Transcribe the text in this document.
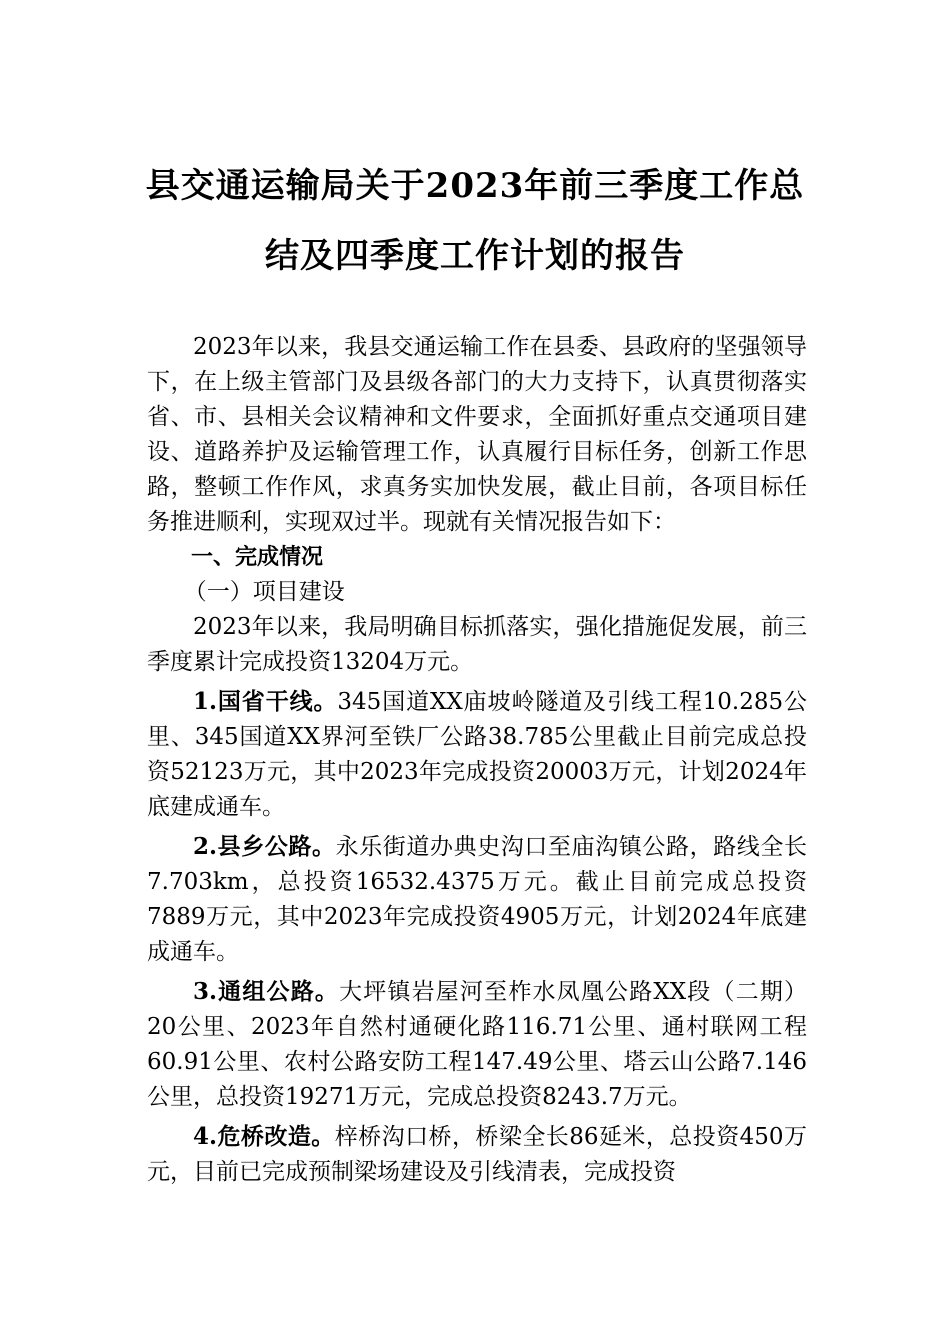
县交通运输局关于2023年前三季度工作总
结及四季度工作计划的报告

2023年以来，我县交通运输工作在县委、县政府的坚强领导下，在上级主管部门及县级各部门的大力支持下，认真贯彻落实省、市、县相关会议精神和文件要求，全面抓好重点交通项目建设、道路养护及运输管理工作，认真履行目标任务，创新工作思路，整顿工作作风，求真务实加快发展，截止目前，各项目标任务推进顺利，实现双过半。现就有关情况报告如下：

一、完成情况

（一）项目建设

2023年以来，我局明确目标抓落实，强化措施促发展，前三季度累计完成投资13204万元。

1.国省干线。345国道XX庙坡岭隧道及引线工程10.285公里、345国道XX界河至铁厂公路38.785公里截止目前完成总投资52123万元，其中2023年完成投资20003万元，计划2024年底建成通车。

2.县乡公路。永乐街道办典史沟口至庙沟镇公路，路线全长7.703km，总投资16532.4375万元。截止目前完成总投资7889万元，其中2023年完成投资4905万元，计划2024年底建成通车。

3.通组公路。大坪镇岩屋河至柞水凤凰公路XX段（二期）20公里、2023年自然村通硬化路116.71公里、通村联网工程60.91公里、农村公路安防工程147.49公里、塔云山公路7.146公里，总投资19271万元，完成总投资8243.7万元。

4.危桥改造。梓桥沟口桥，桥梁全长86延米，总投资450万元，目前已完成预制梁场建设及引线清表，完成投资
